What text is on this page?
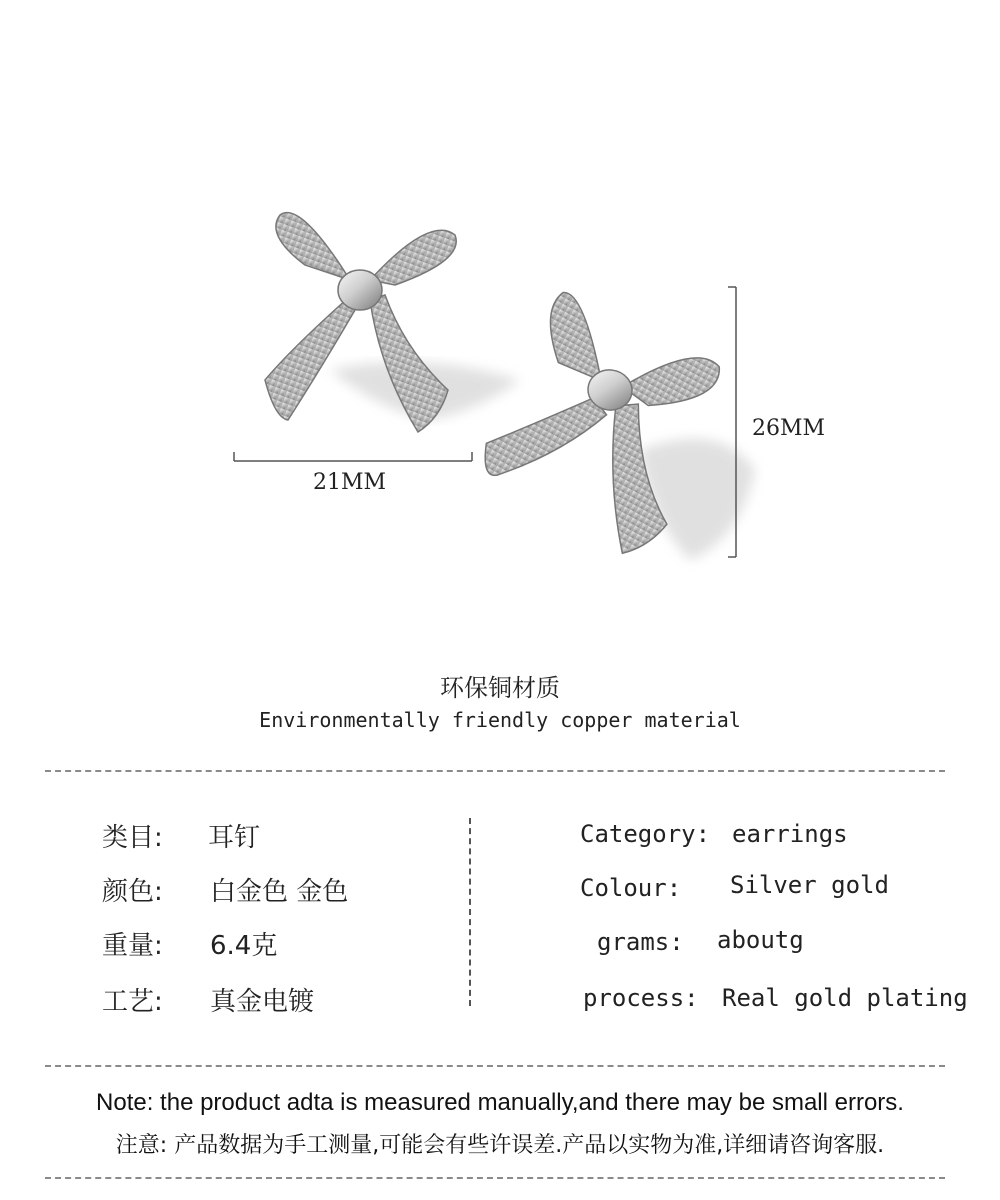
21MM
26MM
环保铜材质
Environmentally friendly copper material
类目: 耳钉
颜色: 白金色 金色
重量: 6.4克
工艺: 真金电镀
Category: earrings
Colour: Silver gold
grams: aboutg
process: Real gold plating
Note: the product adta is measured manually,and there may be small errors.
注意: 产品数据为手工测量,可能会有些许误差.产品以实物为准,详细请咨询客服.
